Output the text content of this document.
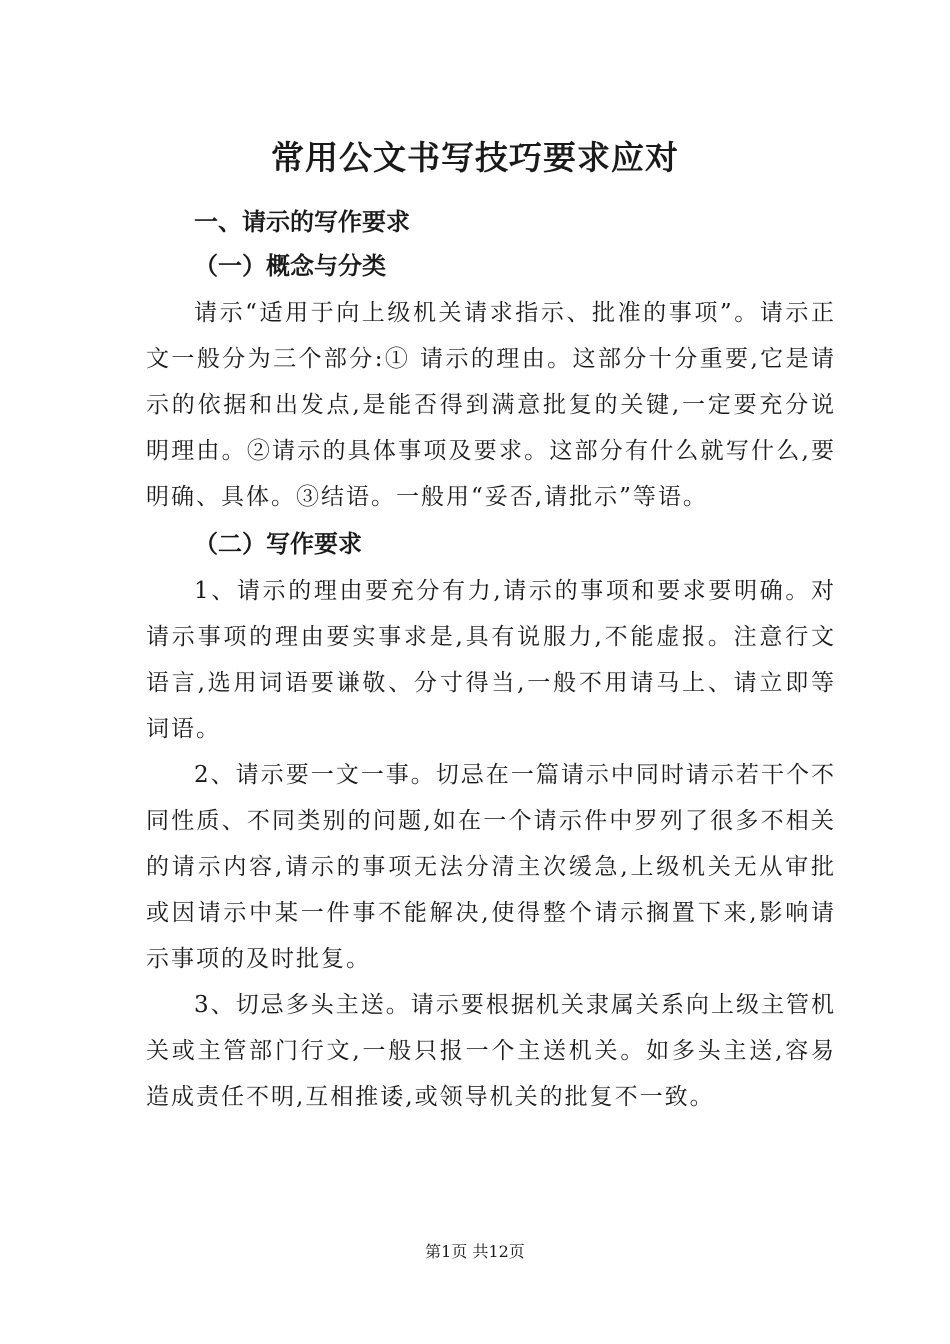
常用公文书写技巧要求应对
一、请示的写作要求
（一）概念与分类

请示“适用于向上级机关请求指示、批准的事项”。请示正文一般分为三个部分:① 请示的理由。这部分十分重要,它是请示的依据和出发点,是能否得到满意批复的关键,一定要充分说明理由。②请示的具体事项及要求。这部分有什么就写什么,要明确、具体。③结语。一般用“妥否,请批示”等语。

（二）写作要求

1、请示的理由要充分有力,请示的事项和要求要明确。对请示事项的理由要实事求是,具有说服力,不能虚报。注意行文语言,选用词语要谦敬、分寸得当,一般不用请马上、请立即等词语。

2、请示要一文一事。切忌在一篇请示中同时请示若干个不同性质、不同类别的问题,如在一个请示件中罗列了很多不相关的请示内容,请示的事项无法分清主次缓急,上级机关无从审批或因请示中某一件事不能解决,使得整个请示搁置下来,影响请示事项的及时批复。

3、切忌多头主送。请示要根据机关隶属关系向上级主管机关或主管部门行文,一般只报一个主送机关。如多头主送,容易造成责任不明,互相推诿,或领导机关的批复不一致。

第1页 共12页
